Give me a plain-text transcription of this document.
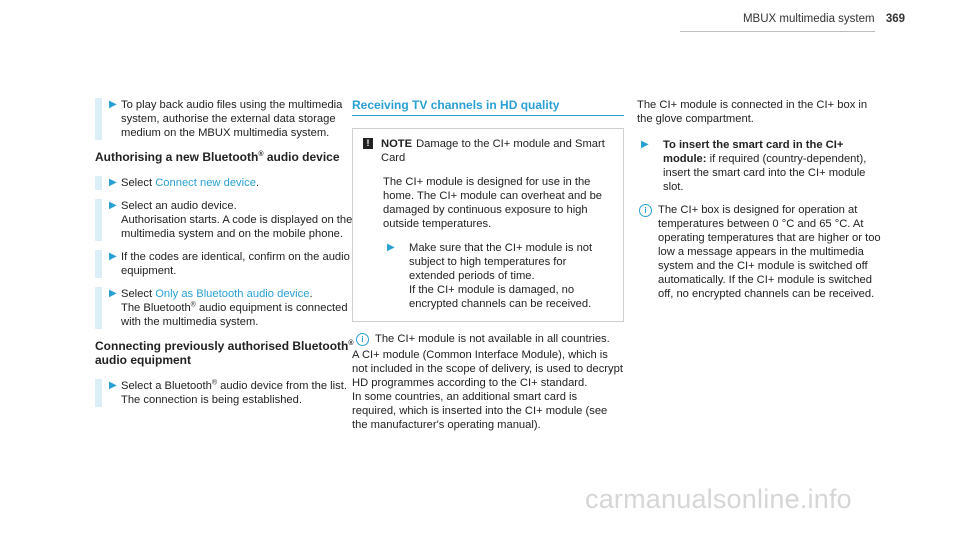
MBUX multimedia system 369
▶ To play back audio files using the multimedia system, authorise the external data storage medium on the MBUX multimedia system.

Authorising a new Bluetooth® audio device
▶ Select Connect new device.

▶ Select an audio device.

Authorisation starts. A code is displayed on the multimedia system and on the mobile phone.

▶ If the codes are identical, confirm on the audio equipment.

▶ Select Only as Bluetooth audio device.

The Bluetooth® audio equipment is connected with the multimedia system.

Connecting previously authorised Bluetooth® audio equipment
▶ Select a Bluetooth® audio device from the list.

The connection is being established.

Receiving TV channels in HD quality
!	NOTE Damage to the CI+ module and Smart Card

The CI+ module is designed for use in the home. The CI+ module can overheat and be damaged by continuous exposure to high outside temperatures.

▶ Make sure that the CI+ module is not subject to high temperatures for extended periods of time.

If the CI+ module is damaged, no encrypted channels can be received.

i	The CI+ module is not available in all countries.

A CI+ module (Common Interface Module), which is not included in the scope of delivery, is used to decrypt HD programmes according to the CI+ standard.

In some countries, an additional smart card is required, which is inserted into the CI+ module (see the manufacturer's operating manual).

The CI+ module is connected in the CI+ box in the glove compartment.

▶ To insert the smart card in the CI+ module: if required (country-dependent), insert the smart card into the CI+ module slot.

i	The CI+ box is designed for operation at temperatures between 0 °C and 65 °C. At operating temperatures that are higher or too low a message appears in the multimedia system and the CI+ module is switched off automatically. If the CI+ module is switched off, no encrypted channels can be received.

carmanualsonline.info
